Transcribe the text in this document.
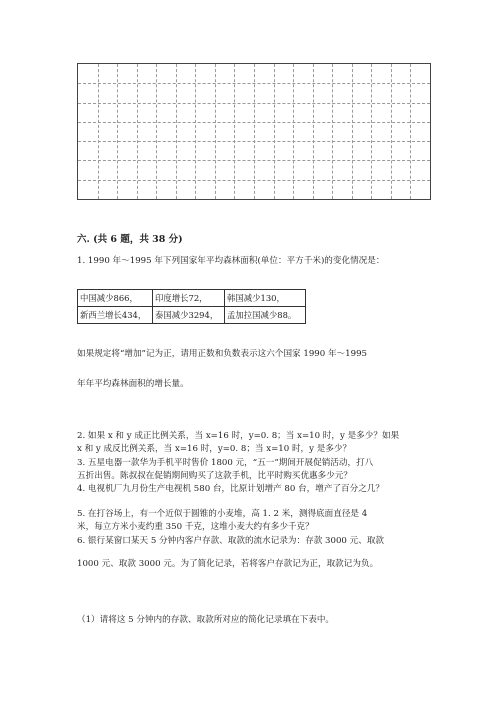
六. (共 6 题，共 38 分)
1. 1990 年～1995 年下列国家年平均森林面积(单位：平方千米)的变化情况是：
中国减少866，	印度增长72，	韩国减少130，
新西兰增长434，	泰国减少3294，	孟加拉国减少88。
如果规定将“增加”记为正，请用正数和负数表示这六个国家 1990 年～1995
年年平均森林面积的增长量。
2. 如果 x 和 y 成正比例关系，当 x=16 时，y=0. 8；当 x=10 时，y 是多少？如果
x 和 y 成反比例关系，当 x=16 时，y=0. 8；当 x=10 时，y 是多少？
3. 五星电器一款华为手机平时售价 1800 元，“五一”期间开展促销活动，打八
五折出售。陈叔叔在促销期间购买了这款手机，比平时购买优惠多少元？
4. 电视机厂九月份生产电视机 580 台，比原计划增产 80 台，增产了百分之几？
5. 在打谷场上，有一个近似于圆锥的小麦堆，高 1. 2 米，测得底面直径是 4
米，每立方米小麦约重 350 千克，这堆小麦大约有多少千克？
6. 银行某窗口某天 5 分钟内客户存款、取款的流水记录为：存款 3000 元、取款
1000 元、取款 3000 元。为了简化记录，若将客户存款记为正，取款记为负。
（1）请将这 5 分钟内的存款、取款所对应的简化记录填在下表中。
